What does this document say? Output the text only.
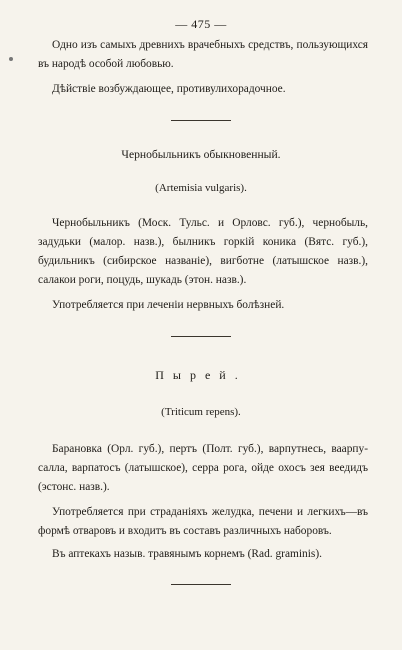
— 475 —

Одно изъ самыхъ древнихъ врачебныхъ средствъ, пользующихся въ народѣ особой любовью.

Дѣйствіе возбуждающее, противулихорадочное.

Чернобыльникъ обыкновенный.
(Artemisia vulgaris).

Чернобыльникъ (Моск. Тульс. и Орловс. губ.), чернобыль, задудьки (малор. назв.), былникъ горкій коника (Вятс. губ.), будильникъ (сибирское названіе), вигботне (латышское назв.), салакои роги, поцудь, шукадь (этон. назв.).

Употребляется при леченіи нервныхъ болѣзней.

Пырей.
(Triticum repens).

Барановка (Орл. губ.), пертъ (Полт. губ.), варпутнесь, ваарпу-салла, варпатосъ (латышское), серра рога, ойде охосъ зея веедидъ (эстонс. назв.).

Употребляется при страданіяхъ желудка, печени и легкихъ—въ формѣ отваровъ и входитъ въ составъ различныхъ наборовъ.

Въ аптекахъ назыв. травянымъ корнемъ (Rad. graminis).
